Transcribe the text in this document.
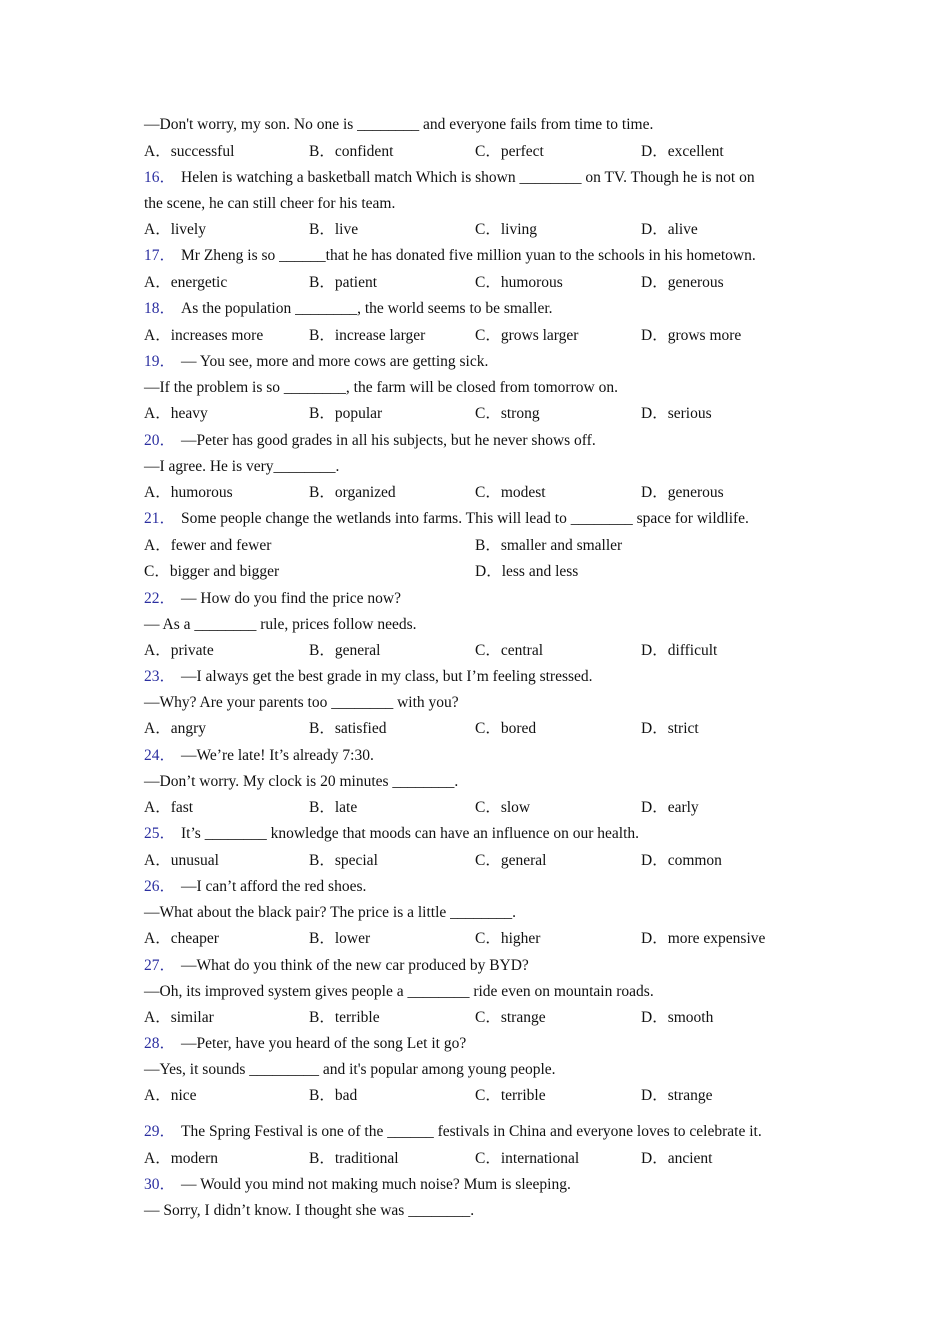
—Don't worry, my son. No one is ________ and everyone fails from time to time.
A．successful	B．confident	C．perfect	D．excellent
16． Helen is watching a basketball match Which is shown ________ on TV. Though he is not on
the scene, he can still cheer for his team.
A．lively	B．live	C．living	D．alive
17． Mr Zheng is so ______that he has donated five million yuan to the schools in his hometown.
A．energetic	B．patient	C．humorous	D．generous
18． As the population ________, the world seems to be smaller.
A．increases more	B．increase larger	C．grows larger	D．grows more
19． — You see, more and more cows are getting sick.
—If the problem is so ________, the farm will be closed from tomorrow on.
A．heavy	B．popular	C．strong	D．serious
20． —Peter has good grades in all his subjects, but he never shows off.
—I agree. He is very________.
A．humorous	B．organized	C．modest	D．generous
21． Some people change the wetlands into farms. This will lead to ________ space for wildlife.
A．fewer and fewer	B．smaller and smaller
C．bigger and bigger	D．less and less
22． — How do you find the price now?
— As a ________ rule, prices follow needs.
A．private	B．general	C．central	D．difficult
23． —I always get the best grade in my class, but I’m feeling stressed.
—Why? Are your parents too ________ with you?
A．angry	B．satisfied	C．bored	D．strict
24． —We’re late! It’s already 7:30.
—Don’t worry. My clock is 20 minutes ________.
A．fast	B．late	C．slow	D．early
25． It’s ________ knowledge that moods can have an influence on our health.
A．unusual	B．special	C．general	D．common
26． —I can’t afford the red shoes.
—What about the black pair? The price is a little ________.
A．cheaper	B．lower	C．higher	D．more expensive
27． —What do you think of the new car produced by BYD?
—Oh, its improved system gives people a ________ ride even on mountain roads.
A．similar	B．terrible	C．strange	D．smooth
28． —Peter, have you heard of the song Let it go?
—Yes, it sounds _________ and it's popular among young people.
A．nice	B．bad	C．terrible	D．strange
29． The Spring Festival is one of the ______ festivals in China and everyone loves to celebrate it.
A．modern	B．traditional	C．international	D．ancient
30． — Would you mind not making much noise? Mum is sleeping.
— Sorry, I didn’t know. I thought she was ________.
